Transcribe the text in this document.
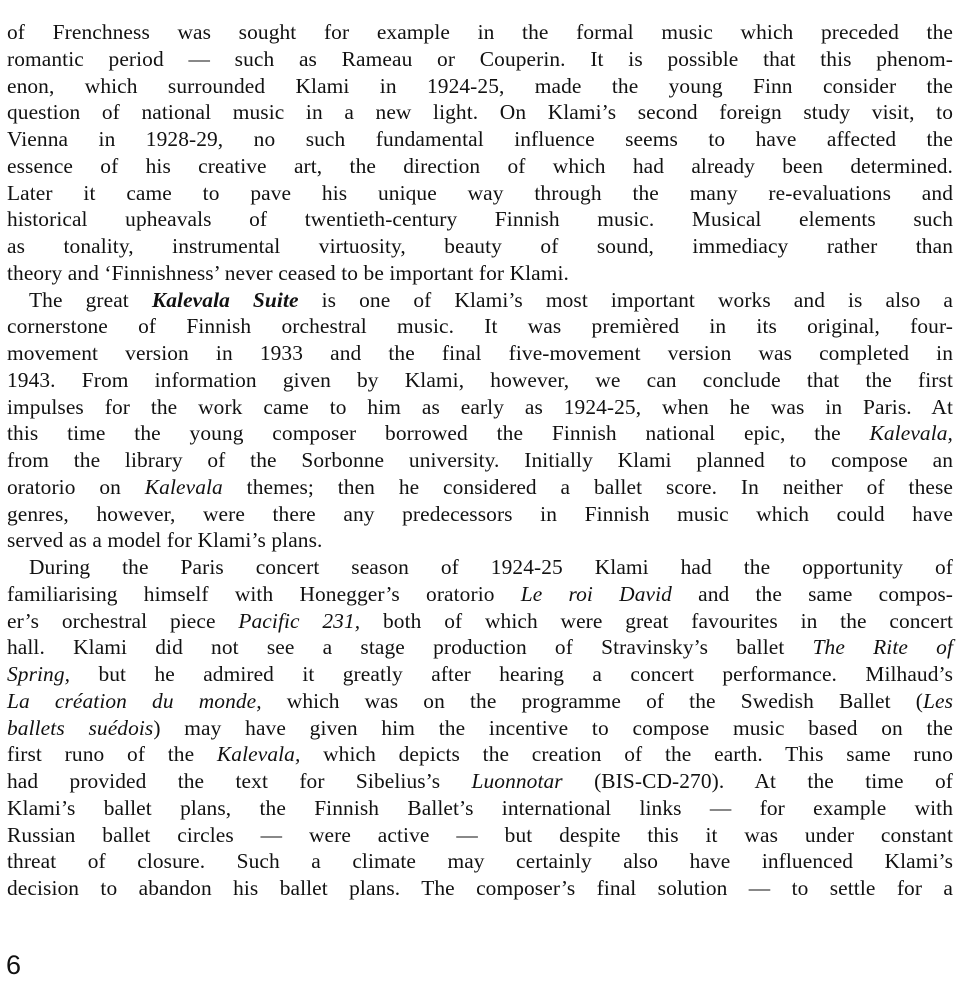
of Frenchness was sought for example in the formal music which preceded the
romantic period — such as Rameau or Couperin. It is possible that this phenom-
enon, which surrounded Klami in 1924-25, made the young Finn consider the
question of national music in a new light. On Klami’s second foreign study visit, to
Vienna in 1928-29, no such fundamental influence seems to have affected the
essence of his creative art, the direction of which had already been determined.
Later it came to pave his unique way through the many re-evaluations and
historical upheavals of twentieth-century Finnish music. Musical elements such
as tonality, instrumental virtuosity, beauty of sound, immediacy rather than
theory and ‘Finnishness’ never ceased to be important for Klami.
The great Kalevala Suite is one of Klami’s most important works and is also a
cornerstone of Finnish orchestral music. It was premièred in its original, four-
movement version in 1933 and the final five-movement version was completed in
1943. From information given by Klami, however, we can conclude that the first
impulses for the work came to him as early as 1924-25, when he was in Paris. At
this time the young composer borrowed the Finnish national epic, the Kalevala,
from the library of the Sorbonne university. Initially Klami planned to compose an
oratorio on Kalevala themes; then he considered a ballet score. In neither of these
genres, however, were there any predecessors in Finnish music which could have
served as a model for Klami’s plans.
During the Paris concert season of 1924-25 Klami had the opportunity of
familiarising himself with Honegger’s oratorio Le roi David and the same compos-
er’s orchestral piece Pacific 231, both of which were great favourites in the concert
hall. Klami did not see a stage production of Stravinsky’s ballet The Rite of
Spring, but he admired it greatly after hearing a concert performance. Milhaud’s
La création du monde, which was on the programme of the Swedish Ballet (Les
ballets suédois) may have given him the incentive to compose music based on the
first runo of the Kalevala, which depicts the creation of the earth. This same runo
had provided the text for Sibelius’s Luonnotar (BIS-CD-270). At the time of
Klami’s ballet plans, the Finnish Ballet’s international links — for example with
Russian ballet circles — were active — but despite this it was under constant
threat of closure. Such a climate may certainly also have influenced Klami’s
decision to abandon his ballet plans. The composer’s final solution — to settle for a
6
